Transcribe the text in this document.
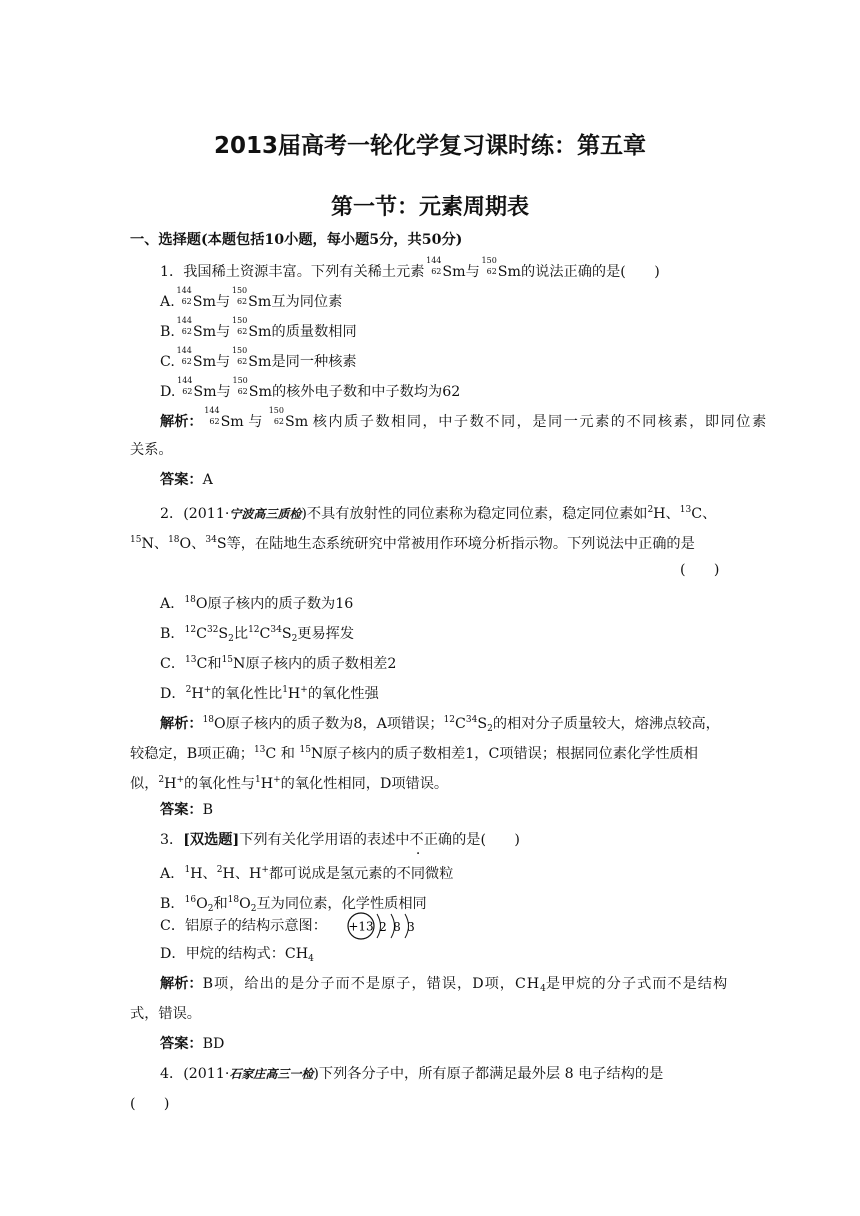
2013届高考一轮化学复习课时练：第五章
第一节：元素周期表
一、选择题(本题包括10小题，每小题5分，共50分)
1．我国稀土资源丰富。下列有关稀土元素
144
62 Sm与
150
62 Sm的说法正确的是(　　)
A.
144
62 Sm与
150
62 Sm互为同位素
B.
144
62 Sm与
150
62 Sm的质量数相同
C.
144
62 Sm与
150
62 Sm是同一种核素
D.
144
62 Sm与
150
62 Sm的核外电子数和中子数均为62
解析：
144
62 Sm 与
150
62 Sm 核内质子数相同，中子数不同，是同一元素的不同核素，即同位素
关系。
答案：A
2．(2011·宁波高三质检)不具有放射性的同位素称为稳定同位素，稳定同位素如$^2$H、$^{13}$C、
$^{15}$N、$^{18}$O、$^{34}$S等，在陆地生态系统研究中常被用作环境分析指示物。下列说法中正确的是
(　　)
A．$^{18}$O原子核内的质子数为16
B．$^{12}C^{32}S_2$比$^{12}C^{34}S_2$更易挥发
C．$^{13}$C和$^{15}$N原子核内的质子数相差2
D．$^2$H+的氧化性比$^1$H+的氧化性强
解析：$^{18}$O原子核内的质子数为8，A项错误；$^{12}C^{34}S_2$的相对分子质量较大，熔沸点较高，
较稳定，B项正确；$^{13}$C 和 $^{15}$N原子核内的质子数相差1，C项错误；根据同位素化学性质相
似，$^2$H+的氧化性与$^1$H+的氧化性相同，D项错误。
答案：B
3．[双选题]下列有关化学用语的表述中不正确的是(　　)
A．$^1$H、$^2$H、H+都可说成是氢元素的不同微粒
B．$^{16}O_2$和$^{18}O_2$互为同位素，化学性质相同
C．铝原子的结构示意图：	+13 2 8 3
D．甲烷的结构式：$CH_4$
解析：B项，给出的是分子而不是原子，错误，D项，$CH_4$是甲烷的分子式而不是结构
式，错误。
答案：BD
4．(2011·石家庄高三一检)下列各分子中，所有原子都满足最外层 8 电子结构的是
(　　)
